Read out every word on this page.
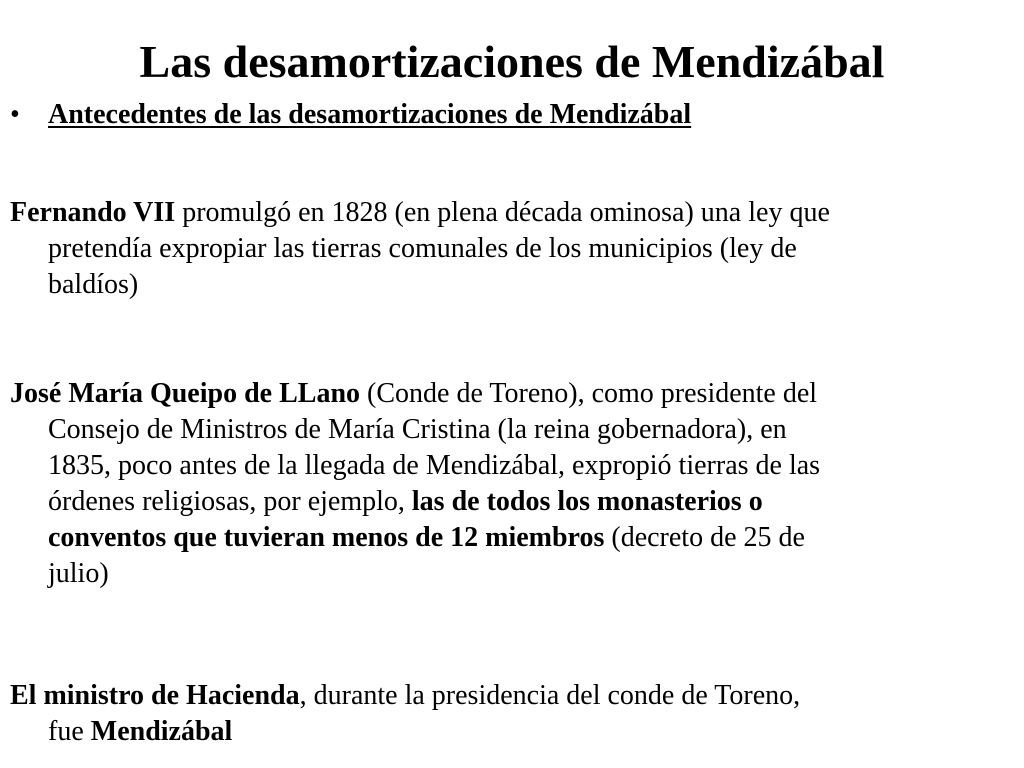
Las desamortizaciones de Mendizábal
• Antecedentes de las desamortizaciones de Mendizábal

Fernando VII promulgó en 1828 (en plena década ominosa) una ley que
pretendía expropiar las tierras comunales de los municipios (ley de
baldíos)

José María Queipo de LLano (Conde de Toreno), como presidente del
Consejo de Ministros de María Cristina (la reina gobernadora), en
1835, poco antes de la llegada de Mendizábal, expropió tierras de las
órdenes religiosas, por ejemplo, las de todos los monasterios o
conventos que tuvieran menos de 12 miembros (decreto de 25 de
julio)

El ministro de Hacienda, durante la presidencia del conde de Toreno,
fue Mendizábal
